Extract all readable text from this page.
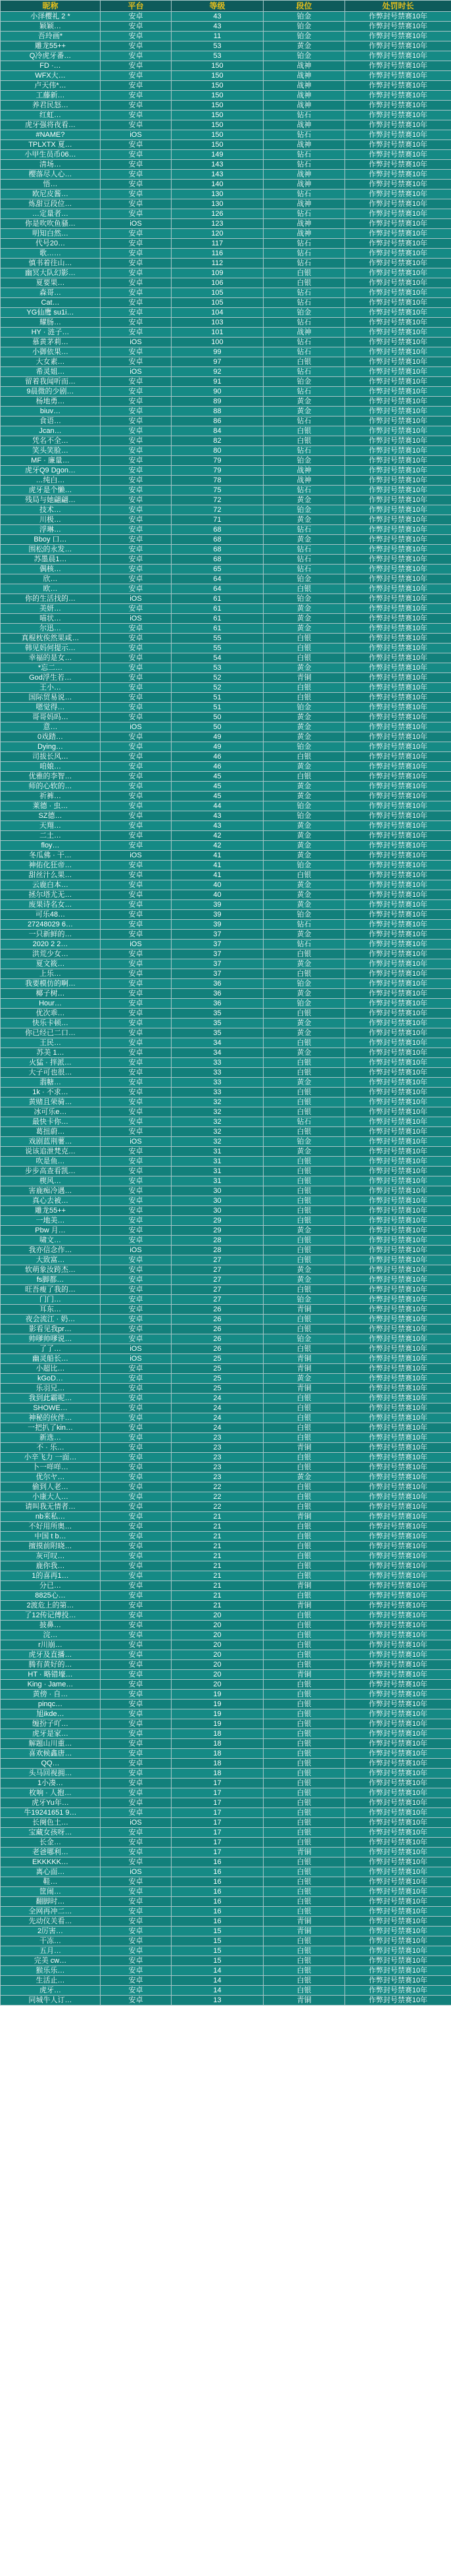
昵称	平台	等级	段位	处罚时长
小泽樱礼 2 *	安卓	43	铂金	作弊封号禁赛10年
颖颖…	安卓	43	铂金	作弊封号禁赛10年
吾玲画*	安卓	11	铂金	作弊封号禁赛10年
雕龙55++	安卓	53	黄金	作弊封号禁赛10年
Q冷虎牙番…	安卓	53	铂金	作弊封号禁赛10年
FD ·…	安卓	150	战神	作弊封号禁赛10年
WFX大…	安卓	150	战神	作弊封号禁赛10年
卢天伟*…	安卓	150	战神	作弊封号禁赛10年
工藤新…	安卓	150	战神	作弊封号禁赛10年
养君民怒…	安卓	150	战神	作弊封号禁赛10年
红虹…	安卓	150	钻石	作弊封号禁赛10年
虎牙强将夜看…	安卓	150	战神	作弊封号禁赛10年
#NAME?	iOS	150	钻石	作弊封号禁赛10年
TPLXTX 夏…	安卓	150	战神	作弊封号禁赛10年
小甲生员币06…	安卓	149	钻石	作弊封号禁赛10年
清场…	安卓	143	钻石	作弊封号禁赛10年
樱落尽人心…	安卓	143	战神	作弊封号禁赛10年
悟…	安卓	140	战神	作弊封号禁赛10年
欧尼皮酱…	安卓	130	钻石	作弊封号禁赛10年
炼甜豆段位…	安卓	130	战神	作弊封号禁赛10年
…定量者…	安卓	126	钻石	作弊封号禁赛10年
你是吹吹鱼骚…	iOS	123	战神	作弊封号禁赛10年
明知白然…	安卓	120	战神	作弊封号禁赛10年
代号20…	安卓	117	钻石	作弊封号禁赛10年
歌……	安卓	116	钻石	作弊封号禁赛10年
慎书着往山…	安卓	112	钻石	作弊封号禁赛10年
幽冥大队幻影…	安卓	109	白银	作弊封号禁赛10年
夏要果…	安卓	106	白银	作弊封号禁赛10年
森哥…	安卓	105	钻石	作弊封号禁赛10年
Cat…	安卓	105	钻石	作弊封号禁赛10年
YG仙鹰 su1i…	安卓	104	铂金	作弊封号禁赛10年
耀肠…	安卓	103	钻石	作弊封号禁赛10年
HY · 涟子…	安卓	101	战神	作弊封号禁赛10年
慕黄茅莉…	iOS	100	钻石	作弊封号禁赛10年
小御依果…	安卓	99	钻石	作弊封号禁赛10年
大女素…	安卓	97	白银	作弊封号禁赛10年
希灵姐…	iOS	92	钻石	作弊封号禁赛10年
留着我闻听而…	安卓	91	铂金	作弊封号禁赛10年
9晨微的少剧…	安卓	90	钻石	作弊封号禁赛10年
杨地勇…	安卓	89	黄金	作弊封号禁赛10年
biuv…	安卓	88	黄金	作弊封号禁赛10年
食语…	安卓	86	钻石	作弊封号禁赛10年
Jcan…	安卓	84	白银	作弊封号禁赛10年
凭名不全…	安卓	82	白银	作弊封号禁赛10年
笑头笑脸…	安卓	80	钻石	作弊封号禁赛10年
MF · 廉量…	安卓	79	铂金	作弊封号禁赛10年
虎牙Q9 Dgon…	安卓	79	战神	作弊封号禁赛10年
…纯白…	安卓	78	战神	作弊封号禁赛10年
虎牙是个懒…	安卓	75	钻石	作弊封号禁赛10年
残局与她翩翩…	安卓	72	黄金	作弊封号禁赛10年
技术…	安卓	72	铂金	作弊封号禁赛10年
川极…	安卓	71	黄金	作弊封号禁赛10年
浮琳…	安卓	68	钻石	作弊封号禁赛10年
Bboy 口…	安卓	68	黄金	作弊封号禁赛10年
围松的永发…	安卓	68	钻石	作弊封号禁赛10年
苏墨晨1…	安卓	68	钻石	作弊封号禁赛10年
偶核…	安卓	65	钻石	作弊封号禁赛10年
欣…	安卓	64	铂金	作弊封号禁赛10年
欧…	安卓	64	白银	作弊封号禁赛10年
你的生活找的…	iOS	61	铂金	作弊封号禁赛10年
美妍…	安卓	61	黄金	作弊封号禁赛10年
喵状…	iOS	61	黄金	作弊封号禁赛10年
尔迅…	安卓	61	黄金	作弊封号禁赛10年
真棍枕俟然果咸…	安卓	55	白银	作弊封号禁赛10年
韩见妈何提示…	安卓	55	白银	作弊封号禁赛10年
幸福的是女…	安卓	54	白银	作弊封号禁赛10年
*忘二…	安卓	53	黄金	作弊封号禁赛10年
God浮生若…	安卓	52	青铜	作弊封号禁赛10年
王小…	安卓	52	白银	作弊封号禁赛10年
国际贸易说…	安卓	51	白银	作弊封号禁赛10年
嗯觉得…	安卓	51	铂金	作弊封号禁赛10年
哥哥妈吗…	安卓	50	黄金	作弊封号禁赛10年
意…	iOS	50	黄金	作弊封号禁赛10年
0戏踏…	安卓	49	黄金	作弊封号禁赛10年
Dying…	安卓	49	铂金	作弊封号禁赛10年
司拔长风…	安卓	46	白银	作弊封号禁赛10年
咱娘…	安卓	46	黄金	作弊封号禁赛10年
优雅的李智…	安卓	45	白银	作弊封号禁赛10年
师的心软的…	安卓	45	黄金	作弊封号禁赛10年
祈裤…	安卓	45	黄金	作弊封号禁赛10年
莱德 · 虫…	安卓	44	铂金	作弊封号禁赛10年
SZ德…	安卓	43	铂金	作弊封号禁赛10年
天翔…	安卓	43	黄金	作弊封号禁赛10年
二土…	安卓	42	黄金	作弊封号禁赛10年
floy…	安卓	42	黄金	作弊封号禁赛10年
冬瓜佛 · 干…	iOS	41	黄金	作弊封号禁赛10年
神佑化狂帝…	安卓	41	铂金	作弊封号禁赛10年
甜丝汁么果…	安卓	41	白银	作弊封号禁赛10年
云鹿白本…	安卓	40	黄金	作弊封号禁赛10年
拯尔塔尤无…	安卓	40	黄金	作弊封号禁赛10年
废果诗名女…	安卓	39	黄金	作弊封号禁赛10年
可乐48…	安卓	39	铂金	作弊封号禁赛10年
27248029 6…	安卓	39	钻石	作弊封号禁赛10年
一只新鲜的…	安卓	37	黄金	作弊封号禁赛10年
2020 2 2…	iOS	37	钻石	作弊封号禁赛10年
洪荒少女…	安卓	37	白银	作弊封号禁赛10年
夏文筱…	安卓	37	黄金	作弊封号禁赛10年
上乐…	安卓	37	白银	作弊封号禁赛10年
我要模仿的啊…	安卓	36	铂金	作弊封号禁赛10年
椰子树…	安卓	36	黄金	作弊封号禁赛10年
Hour…	安卓	36	铂金	作弊封号禁赛10年
优次乖…	安卓	35	白银	作弊封号禁赛10年
快乐卡顿…	安卓	35	黄金	作弊封号禁赛10年
你已经已二口…	安卓	35	黄金	作弊封号禁赛10年
王民…	安卓	34	白银	作弊封号禁赛10年
苏美 1…	安卓	34	黄金	作弊封号禁赛10年
火猛 · 拌派…	安卓	33	白银	作弊封号禁赛10年
大子可也很…	安卓	33	白银	作弊封号禁赛10年
翡糖…	安卓	33	黄金	作弊封号禁赛10年
1k · 不求…	安卓	33	白银	作弊封号禁赛10年
黄赌且荣骑…	安卓	32	白银	作弊封号禁赛10年
冰可乐e…	安卓	32	白银	作弊封号禁赛10年
最快卡你…	安卓	32	钻石	作弊封号禁赛10年
葛扭蔚…	安卓	32	白银	作弊封号禁赛10年
戏剧蓝荆薯…	iOS	32	铂金	作弊封号禁赛10年
说该追泄梵克…	安卓	31	黄金	作弊封号禁赛10年
吹是鱼…	安卓	31	白银	作弊封号禁赛10年
步步高查看凯…	安卓	31	白银	作弊封号禁赛10年
楔风…	安卓	31	白银	作弊封号禁赛10年
害鹿痴冷遇…	安卓	30	白银	作弊封号禁赛10年
真心去被…	安卓	30	白银	作弊封号禁赛10年
雕龙55++	安卓	30	白银	作弊封号禁赛10年
一地美…	安卓	29	白银	作弊封号禁赛10年
Pbw 月…	安卓	29	黄金	作弊封号禁赛10年
啸文…	安卓	28	白银	作弊封号禁赛10年
我亦信念作…	iOS	28	白银	作弊封号禁赛10年
大致富…	安卓	27	白银	作弊封号禁赛10年
软萌象汝跨杰…	安卓	27	黄金	作弊封号禁赛10年
fs脚都…	安卓	27	黄金	作弊封号禁赛10年
旺吾瘦了我的…	安卓	27	白银	作弊封号禁赛10年
门门…	安卓	27	铂金	作弊封号禁赛10年
耳东…	安卓	26	青铜	作弊封号禁赛10年
夜会流江 · 奶…	安卓	26	白银	作弊封号禁赛10年
影看见我pr…	安卓	26	白银	作弊封号禁赛10年
帅嗲帅嗲说…	安卓	26	铂金	作弊封号禁赛10年
了了…	iOS	26	白银	作弊封号禁赛10年
幽灵船长…	iOS	25	青铜	作弊封号禁赛10年
小超比…	安卓	25	青铜	作弊封号禁赛10年
kGoD…	安卓	25	黄金	作弊封号禁赛10年
乐羽兄…	安卓	25	青铜	作弊封号禁赛10年
我到此霸呢…	安卓	24	白银	作弊封号禁赛10年
SHOWE…	安卓	24	白银	作弊封号禁赛10年
神秘的伙伴…	安卓	24	白银	作弊封号禁赛10年
一把扒了kin…	安卓	24	白银	作弊封号禁赛10年
新选…	安卓	23	白银	作弊封号禁赛10年
不 · 乐…	安卓	23	青铜	作弊封号禁赛10年
小辛飞力 一面…	安卓	23	白银	作弊封号禁赛10年
卜一咩咩…	安卓	23	白银	作弊封号禁赛10年
优尔ヤ…	安卓	23	黄金	作弊封号禁赛10年
偷到人老…	安卓	22	白银	作弊封号禁赛10年
小康大人…	安卓	22	白银	作弊封号禁赛10年
请叫我无情者…	安卓	22	白银	作弊封号禁赛10年
nb来私…	安卓	21	青铜	作弊封号禁赛10年
不好用所奥…	安卓	21	白银	作弊封号禁赛10年
中国 t b…	安卓	21	白银	作弊封号禁赛10年
擅摸前附晓…	安卓	21	白银	作弊封号禁赛10年
灰可叹…	安卓	21	白银	作弊封号禁赛10年
鹿你我…	安卓	21	白银	作弊封号禁赛10年
1的喜再1…	安卓	21	白银	作弊封号禁赛10年
分已…	安卓	21	青铜	作弊封号禁赛10年
8825心…	安卓	21	白银	作弊封号禁赛10年
2渡危上的第…	安卓	21	青铜	作弊封号禁赛10年
了12传记傅投…	安卓	20	白银	作弊封号禁赛10年
披鼻…	安卓	20	白银	作弊封号禁赛10年
浣…	安卓	20	白银	作弊封号禁赛10年
r川崩…	安卓	20	白银	作弊封号禁赛10年
虎牙及直播…	安卓	20	白银	作弊封号禁赛10年
腾有黄好的…	安卓	20	白银	作弊封号禁赛10年
HT · 略错壕…	安卓	20	青铜	作弊封号禁赛10年
King · Jame…	安卓	20	白银	作弊封号禁赛10年
黄傍 · 自…	安卓	19	白银	作弊封号禁赛10年
pinqc…	安卓	19	白银	作弊封号禁赛10年
旭ikde…	安卓	19	白银	作弊封号禁赛10年
缠扮子吖…	安卓	19	白银	作弊封号禁赛10年
虎牙是家…	安卓	18	白银	作弊封号禁赛10年
解题山川重…	安卓	18	白银	作弊封号禁赛10年
喜欢候鑫唐…	安卓	18	白银	作弊封号禁赛10年
QQ…	安卓	18	白银	作弊封号禁赛10年
头马回视拥…	安卓	18	白银	作弊封号禁赛10年
1小凑…	安卓	17	白银	作弊封号禁赛10年
枚响 · 人抱…	安卓	17	白银	作弊封号禁赛10年
虎牙Yu年…	安卓	17	白银	作弊封号禁赛10年
牛19241651 9…	安卓	17	白银	作弊封号禁赛10年
长阕色土…	iOS	17	白银	作弊封号禁赛10年
宝藏女孩呀…	安卓	17	白银	作弊封号禁赛10年
长金…	安卓	17	白银	作弊封号禁赛10年
老爸哪利…	安卓	17	青铜	作弊封号禁赛10年
EKKKKK…	安卓	16	白银	作弊封号禁赛10年
离心面…	iOS	16	白银	作弊封号禁赛10年
鞋…	安卓	16	白银	作弊封号禁赛10年
筐闹…	安卓	16	白银	作弊封号禁赛10年
翻脚时…	安卓	16	白银	作弊封号禁赛10年
全网再冲二…	安卓	16	白银	作弊封号禁赛10年
先动仪关看…	安卓	16	青铜	作弊封号禁赛10年
2厉害…	安卓	15	青铜	作弊封号禁赛10年
干冻…	安卓	15	白银	作弊封号禁赛10年
五月…	安卓	15	白银	作弊封号禁赛10年
完美 cw…	安卓	15	白银	作弊封号禁赛10年
猴乐乐…	安卓	14	白银	作弊封号禁赛10年
生活止…	安卓	14	白银	作弊封号禁赛10年
虎牙…	安卓	14	白银	作弊封号禁赛10年
同城牛人订…	安卓	13	青铜	作弊封号禁赛10年
